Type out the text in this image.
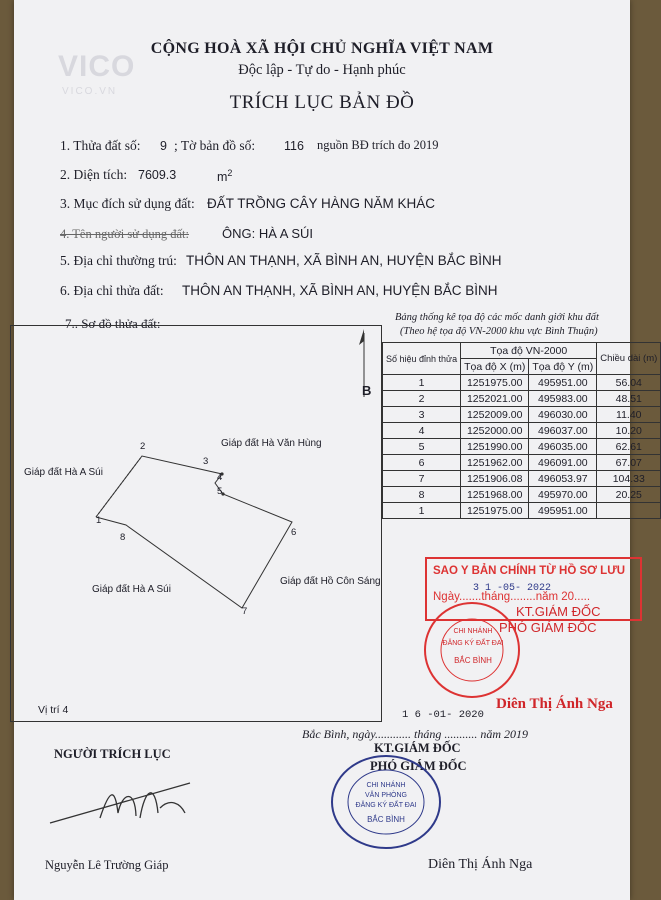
VICO
VICO.VN
CỘNG HOÀ XÃ HỘI CHỦ NGHĨA VIỆT NAM
Độc lập - Tự do - Hạnh phúc
TRÍCH LỤC BẢN ĐỒ
1. Thửa đất số: 9 ; Tờ bản đồ số: 116 nguồn BĐ trích đo 2019
2. Diện tích: 7609.3	$m^2$
3. Mục đích sử dụng đất: ĐẤT TRỒNG CÂY HÀNG NĂM KHÁC
4. Tên người sử dụng đất:	ÔNG: HÀ A SÚI
5. Địa chỉ thường trú: THÔN AN THẠNH, XÃ BÌNH AN, HUYỆN BẮC BÌNH
6. Địa chỉ thửa đất: THÔN AN THẠNH, XÃ BÌNH AN, HUYỆN BẮC BÌNH
7.. Sơ đồ thửa đất:
B
Giáp đất Hà Văn Hùng
Giáp đất Hà A Súi
Giáp đất Hà A Súi
Giáp đất Hồ Côn Sáng
Vị trí 4
1
2
3
4
5
6
7
8
Bảng thống kê tọa độ các mốc danh giới khu đất
(Theo hệ tọa độ VN-2000 khu vực Bình Thuận)
Số hiệu đỉnh thửa	Tọa độ VN-2000		Chiều dài (m)
	Tọa độ X (m)	Tọa độ Y (m)	
1	1251975.00	495951.00	56.04
2	1252021.00	495983.00	48.51
3	1252009.00	496030.00	11.40
4	1252000.00	496037.00	10.20
5	1251990.00	496035.00	62.61
6	1251962.00	496091.00	67.07
7	1251906.08	496053.97	104.33
8	1251968.00	495970.00	20.25
1	1251975.00	495951.00	
SAO Y BẢN CHÍNH TỪ HỒ SƠ LƯU
Ngày.......tháng........năm 20.....
3 1 -05- 2022
KT.GIÁM ĐỐC
PHÓ GIÁM ĐỐC
CHI NHÁNH
ĐĂNG KÝ ĐẤT ĐAI
BẮC BÌNH
Diên Thị Ánh Nga
1 6 -01- 2020
Bắc Bình, ngày............ tháng ........... năm 2019
NGƯỜI TRÍCH LỤC	KT.GIÁM ĐỐC
PHÓ GIÁM ĐỐC
CHI NHÁNH
VĂN PHÒNG
ĐĂNG KÝ ĐẤT ĐAI
BẮC BÌNH
Nguyễn Lê Trường Giáp	Diên Thị Ánh Nga
